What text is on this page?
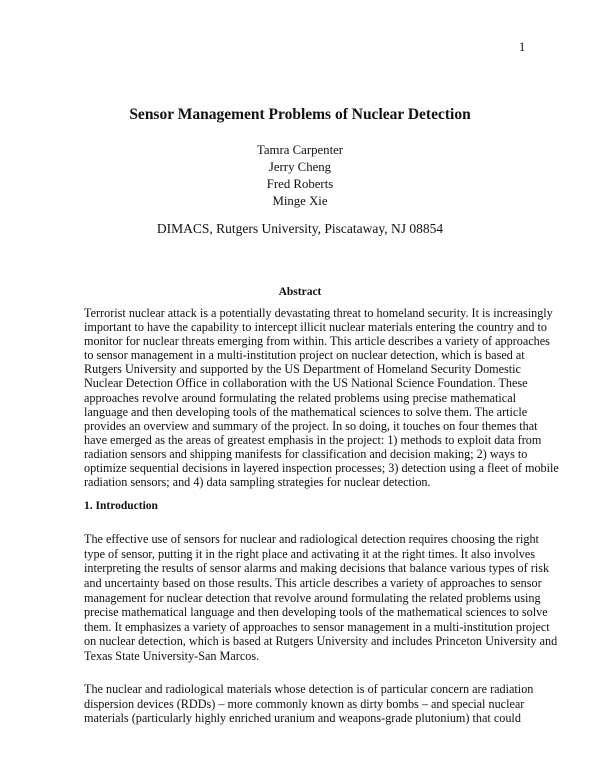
1
Sensor Management Problems of Nuclear Detection
Tamra Carpenter
Jerry Cheng
Fred Roberts
Minge Xie
DIMACS, Rutgers University, Piscataway, NJ 08854
Abstract
Terrorist nuclear attack is a potentially devastating threat to homeland security. It is increasingly
important to have the capability to intercept illicit nuclear materials entering the country and to
monitor for nuclear threats emerging from within. This article describes a variety of approaches
to sensor management in a multi-institution project on nuclear detection, which is based at
Rutgers University and supported by the US Department of Homeland Security Domestic
Nuclear Detection Office in collaboration with the US National Science Foundation. These
approaches revolve around formulating the related problems using precise mathematical
language and then developing tools of the mathematical sciences to solve them. The article
provides an overview and summary of the project. In so doing, it touches on four themes that
have emerged as the areas of greatest emphasis in the project: 1) methods to exploit data from
radiation sensors and shipping manifests for classification and decision making; 2) ways to
optimize sequential decisions in layered inspection processes; 3) detection using a fleet of mobile
radiation sensors; and 4) data sampling strategies for nuclear detection.
1. Introduction
The effective use of sensors for nuclear and radiological detection requires choosing the right
type of sensor, putting it in the right place and activating it at the right times. It also involves
interpreting the results of sensor alarms and making decisions that balance various types of risk
and uncertainty based on those results. This article describes a variety of approaches to sensor
management for nuclear detection that revolve around formulating the related problems using
precise mathematical language and then developing tools of the mathematical sciences to solve
them. It emphasizes a variety of approaches to sensor management in a multi-institution project
on nuclear detection, which is based at Rutgers University and includes Princeton University and
Texas State University-San Marcos.
The nuclear and radiological materials whose detection is of particular concern are radiation
dispersion devices (RDDs) – more commonly known as dirty bombs – and special nuclear
materials (particularly highly enriched uranium and weapons-grade plutonium) that could
